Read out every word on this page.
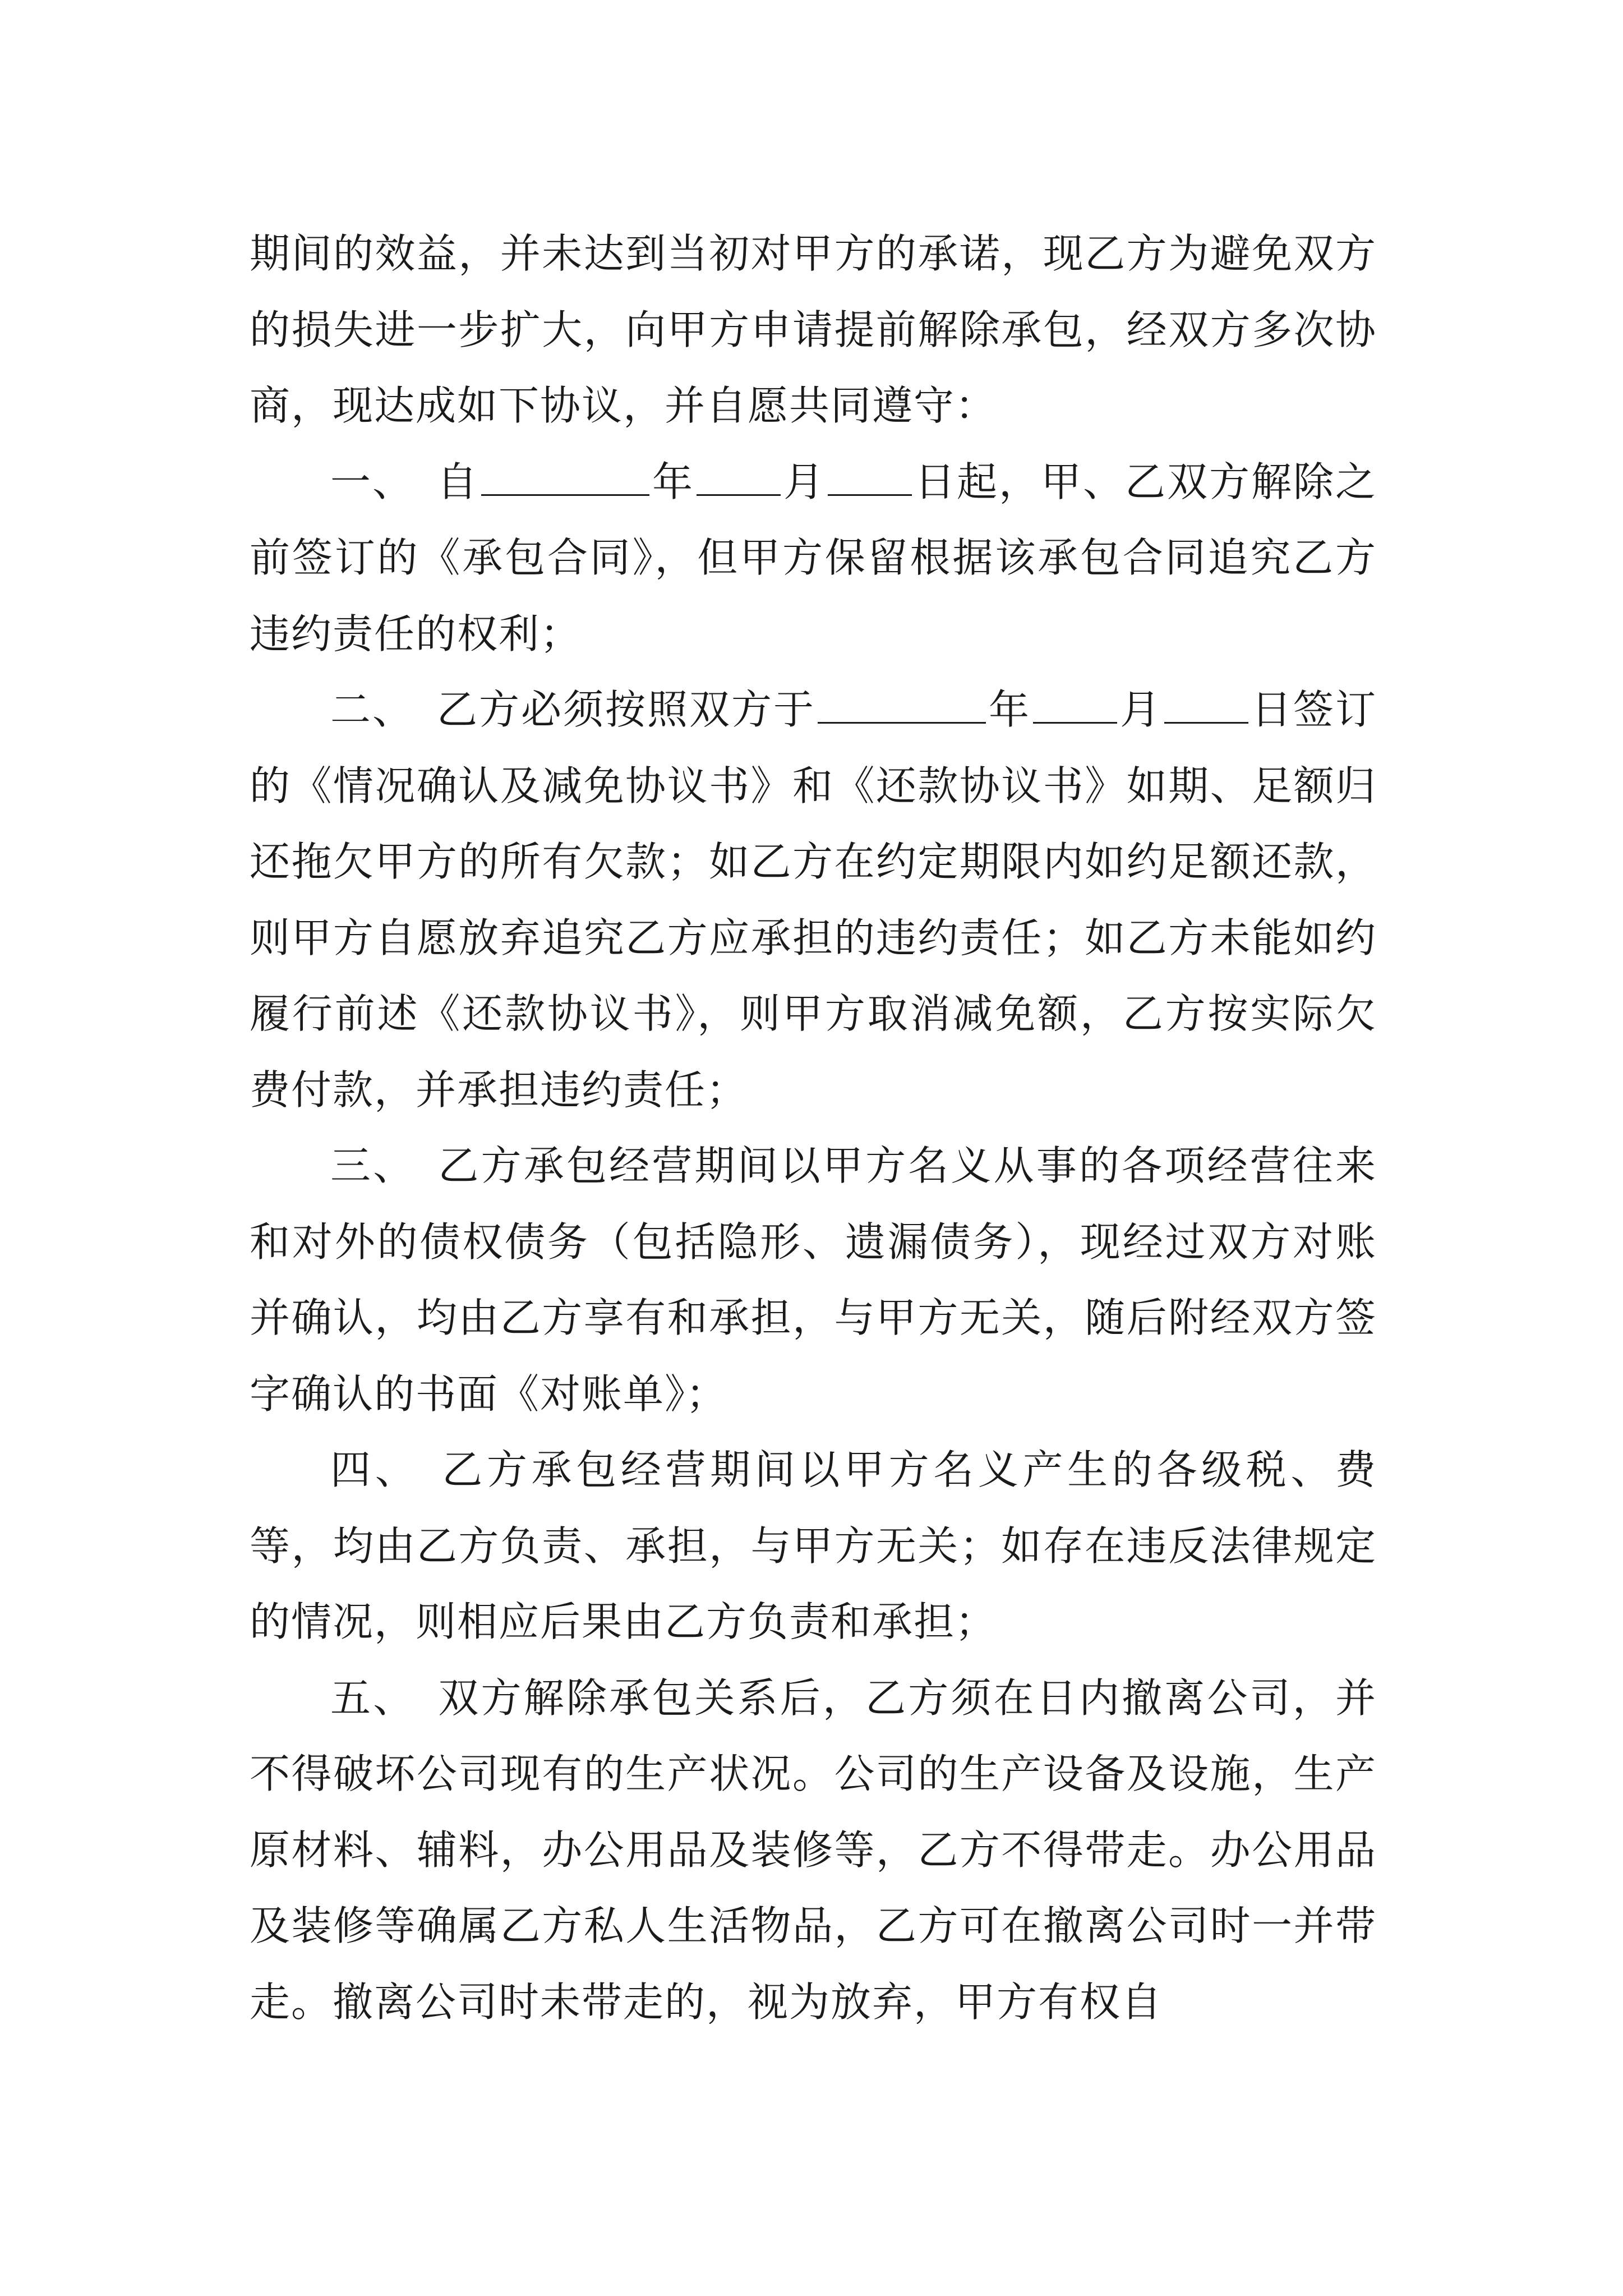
期间的效益，并未达到当初对甲方的承诺，现乙方为避免双方的损失进一步扩大，向甲方申请提前解除承包，经双方多次协商，现达成如下协议，并自愿共同遵守：

一、 自	年 月 日起，甲、乙双方解除之前签订的《承包合同》，但甲方保留根据该承包合同追究乙方违约责任的权利；

二、 乙方必须按照双方于	年 月 日签订的《情况确认及减免协议书》和《还款协议书》如期、足额归还拖欠甲方的所有欠款；如乙方在约定期限内如约足额还款，则甲方自愿放弃追究乙方应承担的违约责任；如乙方未能如约履行前述《还款协议书》，则甲方取消减免额，乙方按实际欠费付款，并承担违约责任；

三、 乙方承包经营期间以甲方名义从事的各项经营往来和对外的债权债务（包括隐形、遗漏债务），现经过双方对账并确认，均由乙方享有和承担，与甲方无关，随后附经双方签字确认的书面《对账单》；

四、 乙方承包经营期间以甲方名义产生的各级税、费等，均由乙方负责、承担，与甲方无关；如存在违反法律规定的情况，则相应后果由乙方负责和承担；

五、 双方解除承包关系后，乙方须在日内撤离公司，并不得破坏公司现有的生产状况。公司的生产设备及设施，生产原材料、辅料，办公用品及装修等，乙方不得带走。办公用品及装修等确属乙方私人生活物品，乙方可在撤离公司时一并带走。撤离公司时未带走的，视为放弃，甲方有权自
